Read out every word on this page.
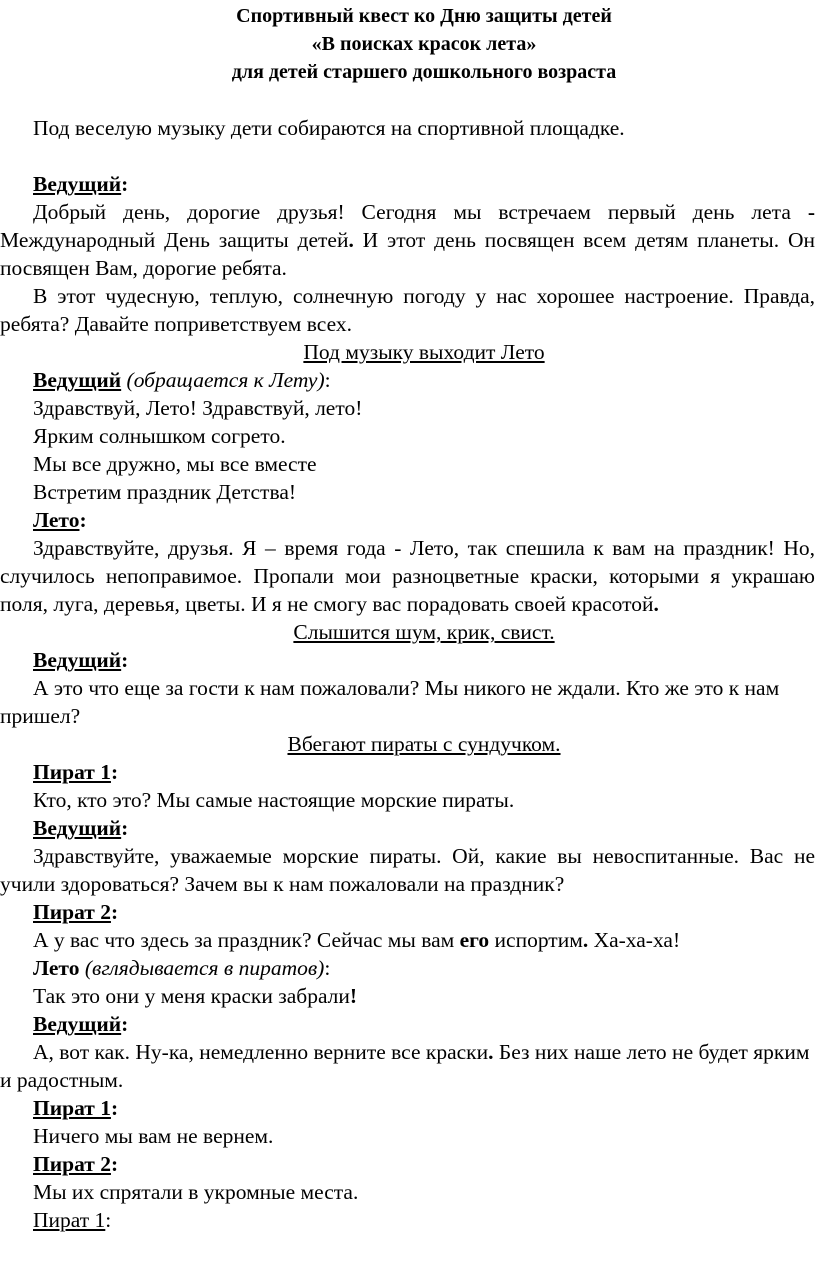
Спортивный квест ко Дню защиты детей
«В поисках красок лета»
для детей старшего дошкольного возраста

Под веселую музыку дети собираются на спортивной площадке.

Ведущий:

Добрый день, дорогие друзья! Сегодня мы встречаем первый день лета - Международный День защиты детей. И этот день посвящен всем детям планеты. Он посвящен Вам, дорогие ребята.

В этот чудесную, теплую, солнечную погоду у нас хорошее настроение. Правда, ребята? Давайте поприветствуем всех.

Под музыку выходит Лето

Ведущий (обращается к Лету):

Здравствуй, Лето! Здравствуй, лето!

Ярким солнышком согрето.

Мы все дружно, мы все вместе

Встретим праздник Детства!

Лето:

Здравствуйте, друзья. Я – время года - Лето, так спешила к вам на праздник! Но, случилось непоправимое. Пропали мои разноцветные краски, которыми я украшаю поля, луга, деревья, цветы. И я не смогу вас порадовать своей красотой.

Слышится шум, крик, свист.

Ведущий:

А это что еще за гости к нам пожаловали? Мы никого не ждали. Кто же это к нам пришел?

Вбегают пираты с сундучком.

Пират 1:

Кто, кто это? Мы самые настоящие морские пираты.

Ведущий:

Здравствуйте, уважаемые морские пираты. Ой, какие вы невоспитанные. Вас не учили здороваться? Зачем вы к нам пожаловали на праздник?

Пират 2:

А у вас что здесь за праздник? Сейчас мы вам его испортим. Ха-ха-ха!

Лето (вглядывается в пиратов):

Так это они у меня краски забрали!

Ведущий:

А, вот как. Ну-ка, немедленно верните все краски. Без них наше лето не будет ярким и радостным.

Пират 1:

Ничего мы вам не вернем.

Пират 2:

Мы их спрятали в укромные места.

Пират 1:
